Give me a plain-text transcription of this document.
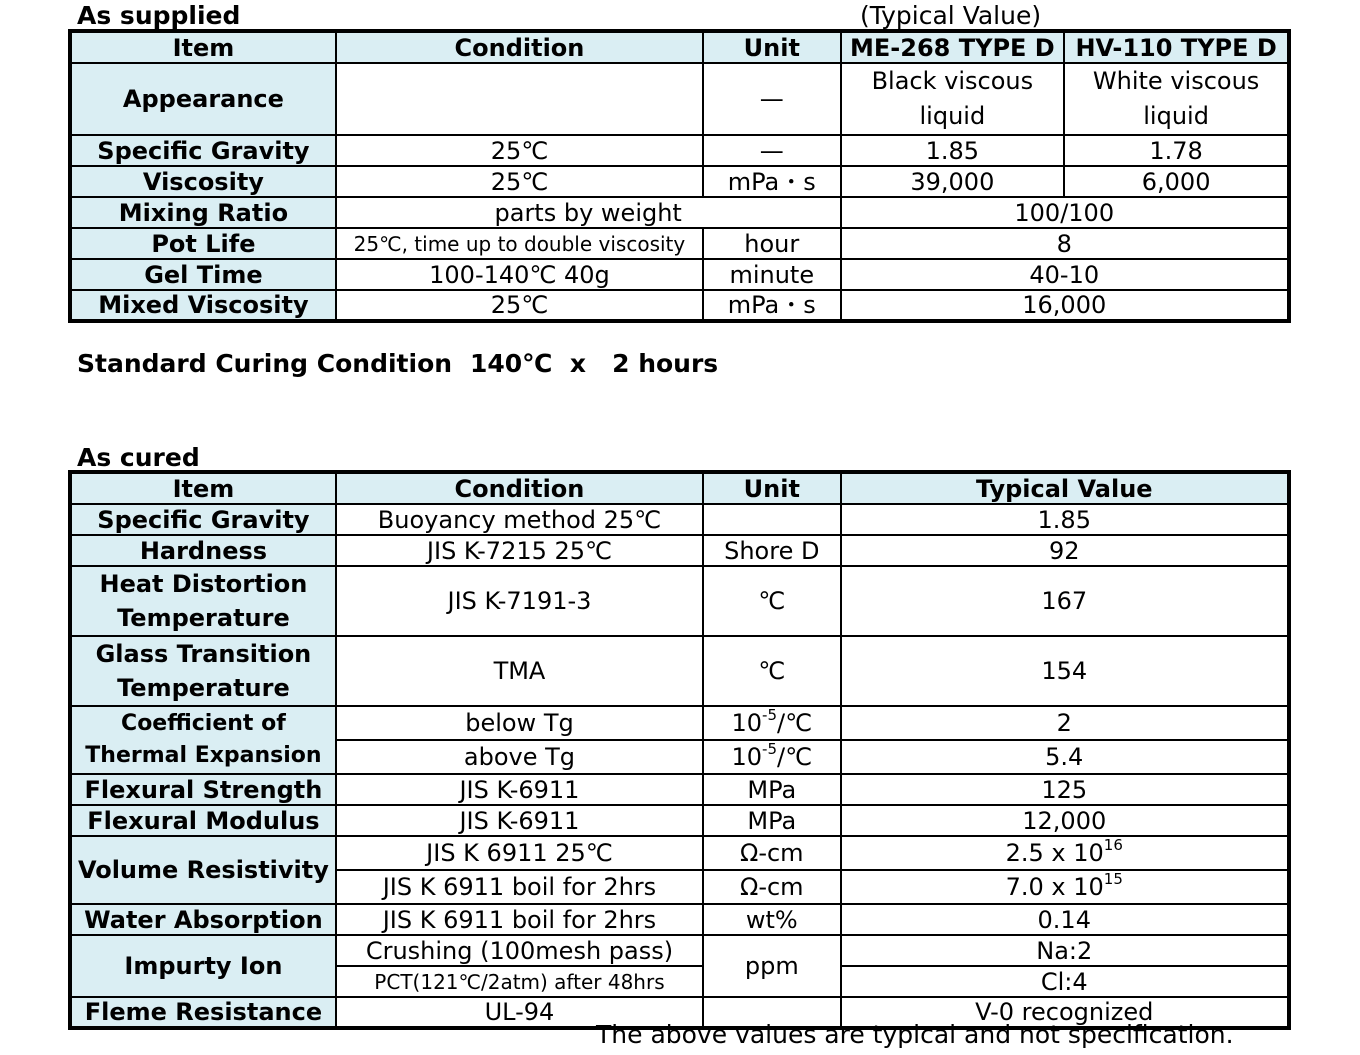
As supplied	(Typical Value)
Item	Condition	Unit	ME-268 TYPE D	HV-110 TYPE D
Appearance		—	Black viscous liquid	White viscous liquid
Specific Gravity	25℃	—	1.85	1.78
Viscosity	25℃	mPa・s	39,000	6,000
Mixing Ratio	parts by weight		100/100	
Pot Life	25℃, time up to double viscosity	hour	8	
Gel Time	100-140℃ 40g	minute	40-10	
Mixed Viscosity	25℃	mPa・s	16,000	
Standard Curing Condition 140℃  x   2 hours
As cured
Item	Condition	Unit	Typical Value
Specific Gravity	Buoyancy method 25℃		1.85
Hardness	JIS K-7215 25℃	Shore D	92
Heat Distortion Temperature	JIS K-7191-3	℃	167
Glass Transition Temperature	TMA	℃	154
Coefficient of Thermal Expansion	below Tg	$10^{-5}/℃$	2
	above Tg	$10^{-5}/℃$	5.4
Flexural Strength	JIS K-6911	MPa	125
Flexural Modulus	JIS K-6911	MPa	12,000
Volume Resistivity	JIS K 6911 25℃	Ω-cm	2.5 x $10^{16}$
	JIS K 6911 boil for 2hrs	Ω-cm	7.0 x $10^{15}$
Water Absorption	JIS K 6911 boil for 2hrs	wt%	0.14
Impurty Ion	Crushing (100mesh pass)	ppm	Na:2
	PCT(121℃/2atm) after 48hrs		Cl:4
Fleme Resistance	UL-94		V-0 recognized
The above values are typical and not specification.
